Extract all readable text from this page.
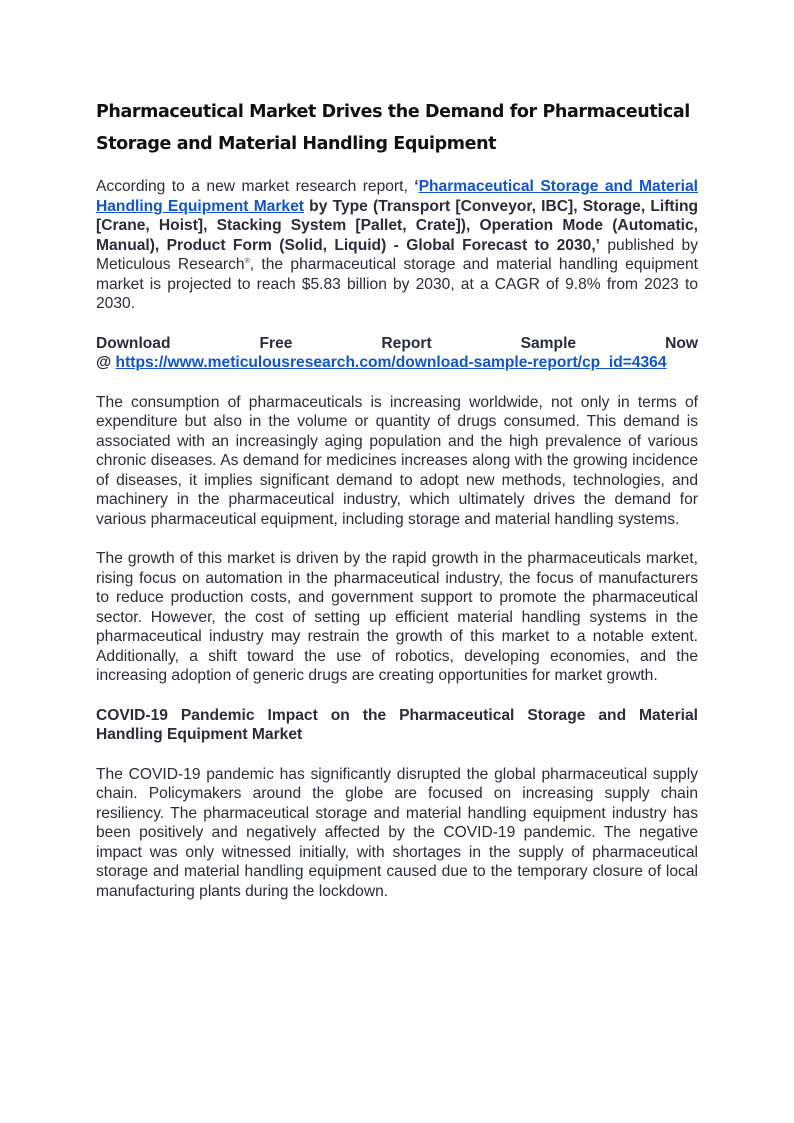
Pharmaceutical Market Drives the Demand for Pharmaceutical Storage and Material Handling Equipment

According to a new market research report, ‘Pharmaceutical Storage and Material Handling Equipment Market by Type (Transport [Conveyor, IBC], Storage, Lifting [Crane, Hoist], Stacking System [Pallet, Crate]), Operation Mode (Automatic, Manual), Product Form (Solid, Liquid) - Global Forecast to 2030,’ published by Meticulous Research®, the pharmaceutical storage and material handling equipment market is projected to reach $5.83 billion by 2030, at a CAGR of 9.8% from 2023 to 2030.

Download	Free	Report	Sample	Now

@ https://www.meticulousresearch.com/download-sample-report/cp_id=4364

The consumption of pharmaceuticals is increasing worldwide, not only in terms of expenditure but also in the volume or quantity of drugs consumed. This demand is associated with an increasingly aging population and the high prevalence of various chronic diseases. As demand for medicines increases along with the growing incidence of diseases, it implies significant demand to adopt new methods, technologies, and machinery in the pharmaceutical industry, which ultimately drives the demand for various pharmaceutical equipment, including storage and material handling systems.

The growth of this market is driven by the rapid growth in the pharmaceuticals market, rising focus on automation in the pharmaceutical industry, the focus of manufacturers to reduce production costs, and government support to promote the pharmaceutical sector. However, the cost of setting up efficient material handling systems in the pharmaceutical industry may restrain the growth of this market to a notable extent. Additionally, a shift toward the use of robotics, developing economies, and the increasing adoption of generic drugs are creating opportunities for market growth.

COVID-19 Pandemic Impact on the Pharmaceutical Storage and Material Handling Equipment Market

The COVID-19 pandemic has significantly disrupted the global pharmaceutical supply chain. Policymakers around the globe are focused on increasing supply chain resiliency. The pharmaceutical storage and material handling equipment industry has been positively and negatively affected by the COVID-19 pandemic. The negative impact was only witnessed initially, with shortages in the supply of pharmaceutical storage and material handling equipment caused due to the temporary closure of local manufacturing plants during the lockdown.
